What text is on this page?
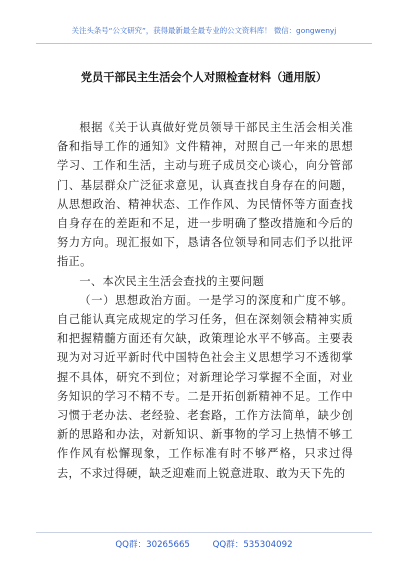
关注头条号“公文研究”，获得最新最全最专业的公文资料库！ 微信：gongwenyj
党员干部民主生活会个人对照检查材料（通用版）

根据《关于认真做好党员领导干部民主生活会相关准备和指导工作的通知》文件精神，对照自己一年来的思想学习、工作和生活，主动与班子成员交心谈心，向分管部门、基层群众广泛征求意见，认真查找自身存在的问题，从思想政治、精神状态、工作作风、为民情怀等方面查找自身存在的差距和不足，进一步明确了整改措施和今后的努力方向。现汇报如下，恳请各位领导和同志们予以批评指正。

一、本次民主生活会查找的主要问题

（一）思想政治方面。一是学习的深度和广度不够。自己能认真完成规定的学习任务，但在深刻领会精神实质和把握精髓方面还有欠缺，政策理论水平不够高。主要表现为对习近平新时代中国特色社会主义思想学习不透彻掌握不具体，研究不到位；对新理论学习掌握不全面，对业务知识的学习不精不专。二是开拓创新精神不足。工作中习惯于老办法、老经验、老套路，工作方法简单，缺少创新的思路和办法，对新知识、新事物的学习上热情不够工作作风有松懈现象，工作标准有时不够严格，只求过得去，不求过得硬，缺乏迎难而上锐意进取、敢为天下先的

QQ群：30265665	QQ群：535304092
